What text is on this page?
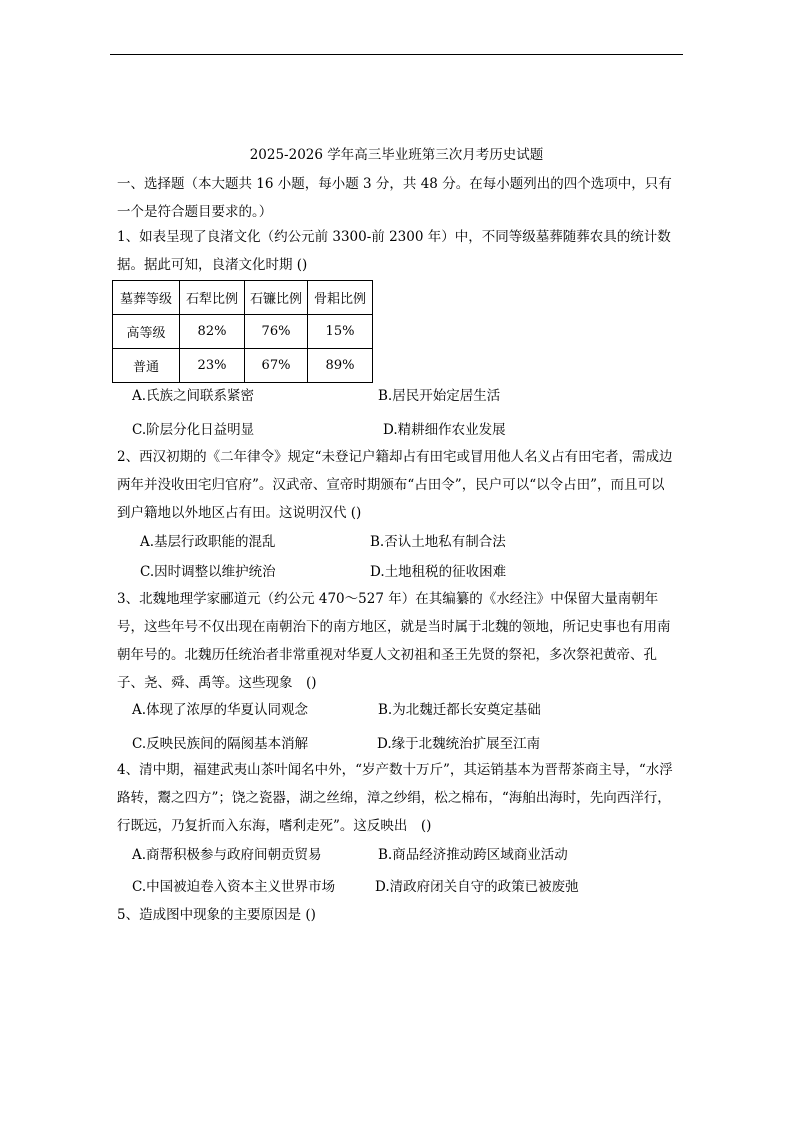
2025-2026 学年高三毕业班第三次月考历史试题
一、选择题（本大题共 16 小题，每小题 3 分，共 48 分。在每小题列出的四个选项中，只有一个是符合题目要求的。）
1、如表呈现了良渚文化（约公元前 3300-前 2300 年）中，不同等级墓葬随葬农具的统计数据。据此可知，良渚文化时期 ()
墓葬等级	石犁比例	石镰比例	骨耜比例
高等级	82%	76%	15%
普通	23%	67%	89%
A.氏族之间联系紧密	B.居民开始定居生活
C.阶层分化日益明显	D.精耕细作农业发展
2、西汉初期的《二年律令》规定“未登记户籍却占有田宅或冒用他人名义占有田宅者，需成边两年并没收田宅归官府”。汉武帝、宣帝时期颁布“占田令”，民户可以“以令占田”，而且可以到户籍地以外地区占有田。这说明汉代 ()
A.基层行政职能的混乱	B.否认土地私有制合法
C.因时调整以维护统治	D.土地租税的征收困难
3、北魏地理学家郦道元（约公元 470～527 年）在其编纂的《水经注》中保留大量南朝年号，这些年号不仅出现在南朝治下的南方地区，就是当时属于北魏的领地，所记史事也有用南朝年号的。北魏历任统治者非常重视对华夏人文初祖和圣王先贤的祭祀，多次祭祀黄帝、孔子、尧、舜、禹等。这些现象　()
A.体现了浓厚的华夏认同观念	B.为北魏迁都长安奠定基础
C.反映民族间的隔阂基本消解	D.缘于北魏统治扩展至江南
4、清中期，福建武夷山茶叶闻名中外，“岁产数十万斤”，其运销基本为晋帮茶商主导，“水浮路转，鬻之四方”；饶之瓷器，湖之丝绵，漳之纱绢，松之棉布，“海舶出海时，先向西洋行，行既远，乃复折而入东海，嗜利走死”。这反映出　()
A.商帮积极参与政府间朝贡贸易	B.商品经济推动跨区域商业活动
C.中国被迫卷入资本主义世界市场	D.清政府闭关自守的政策已被废弛
5、造成图中现象的主要原因是 ()
